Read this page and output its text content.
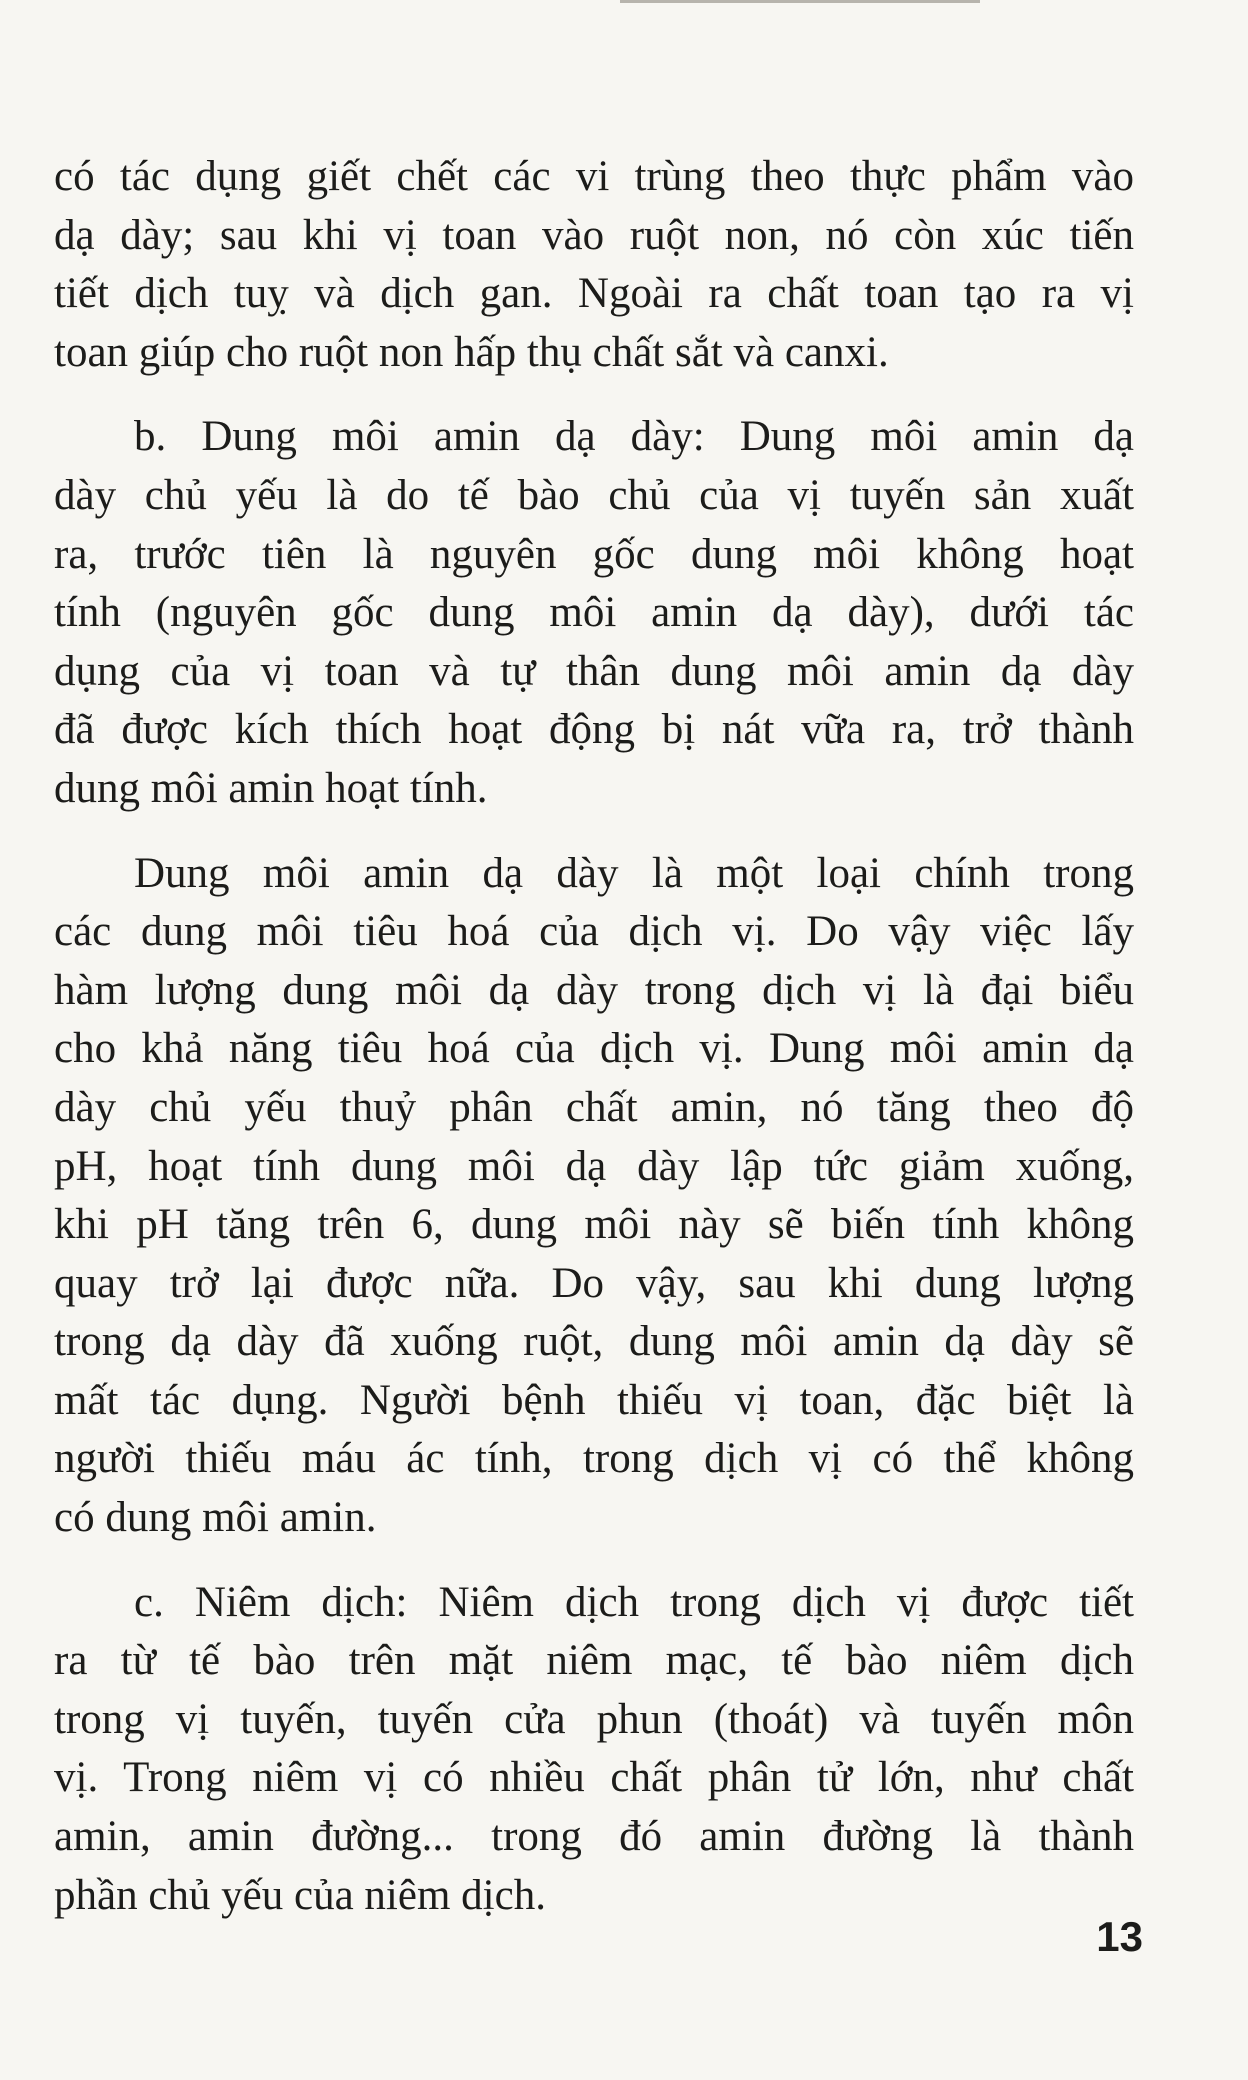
có tác dụng giết chết các vi trùng theo thực phẩm vào
dạ dày; sau khi vị toan vào ruột non, nó còn xúc tiến
tiết dịch tuỵ và dịch gan. Ngoài ra chất toan tạo ra vị
toan giúp cho ruột non hấp thụ chất sắt và canxi.

b. Dung môi amin dạ dày: Dung môi amin dạ
dày chủ yếu là do tế bào chủ của vị tuyến sản xuất
ra, trước tiên là nguyên gốc dung môi không hoạt
tính (nguyên gốc dung môi amin dạ dày), dưới tác
dụng của vị toan và tự thân dung môi amin dạ dày
đã được kích thích hoạt động bị nát vữa ra, trở thành
dung môi amin hoạt tính.

Dung môi amin dạ dày là một loại chính trong
các dung môi tiêu hoá của dịch vị. Do vậy việc lấy
hàm lượng dung môi dạ dày trong dịch vị là đại biểu
cho khả năng tiêu hoá của dịch vị. Dung môi amin dạ
dày chủ yếu thuỷ phân chất amin, nó tăng theo độ
pH, hoạt tính dung môi dạ dày lập tức giảm xuống,
khi pH tăng trên 6, dung môi này sẽ biến tính không
quay trở lại được nữa. Do vậy, sau khi dung lượng
trong dạ dày đã xuống ruột, dung môi amin dạ dày sẽ
mất tác dụng. Người bệnh thiếu vị toan, đặc biệt là
người thiếu máu ác tính, trong dịch vị có thể không
có dung môi amin.

c. Niêm dịch: Niêm dịch trong dịch vị được tiết
ra từ tế bào trên mặt niêm mạc, tế bào niêm dịch
trong vị tuyến, tuyến cửa phun (thoát) và tuyến môn
vị. Trong niêm vị có nhiều chất phân tử lớn, như chất
amin, amin đường... trong đó amin đường là thành
phần chủ yếu của niêm dịch.

13
